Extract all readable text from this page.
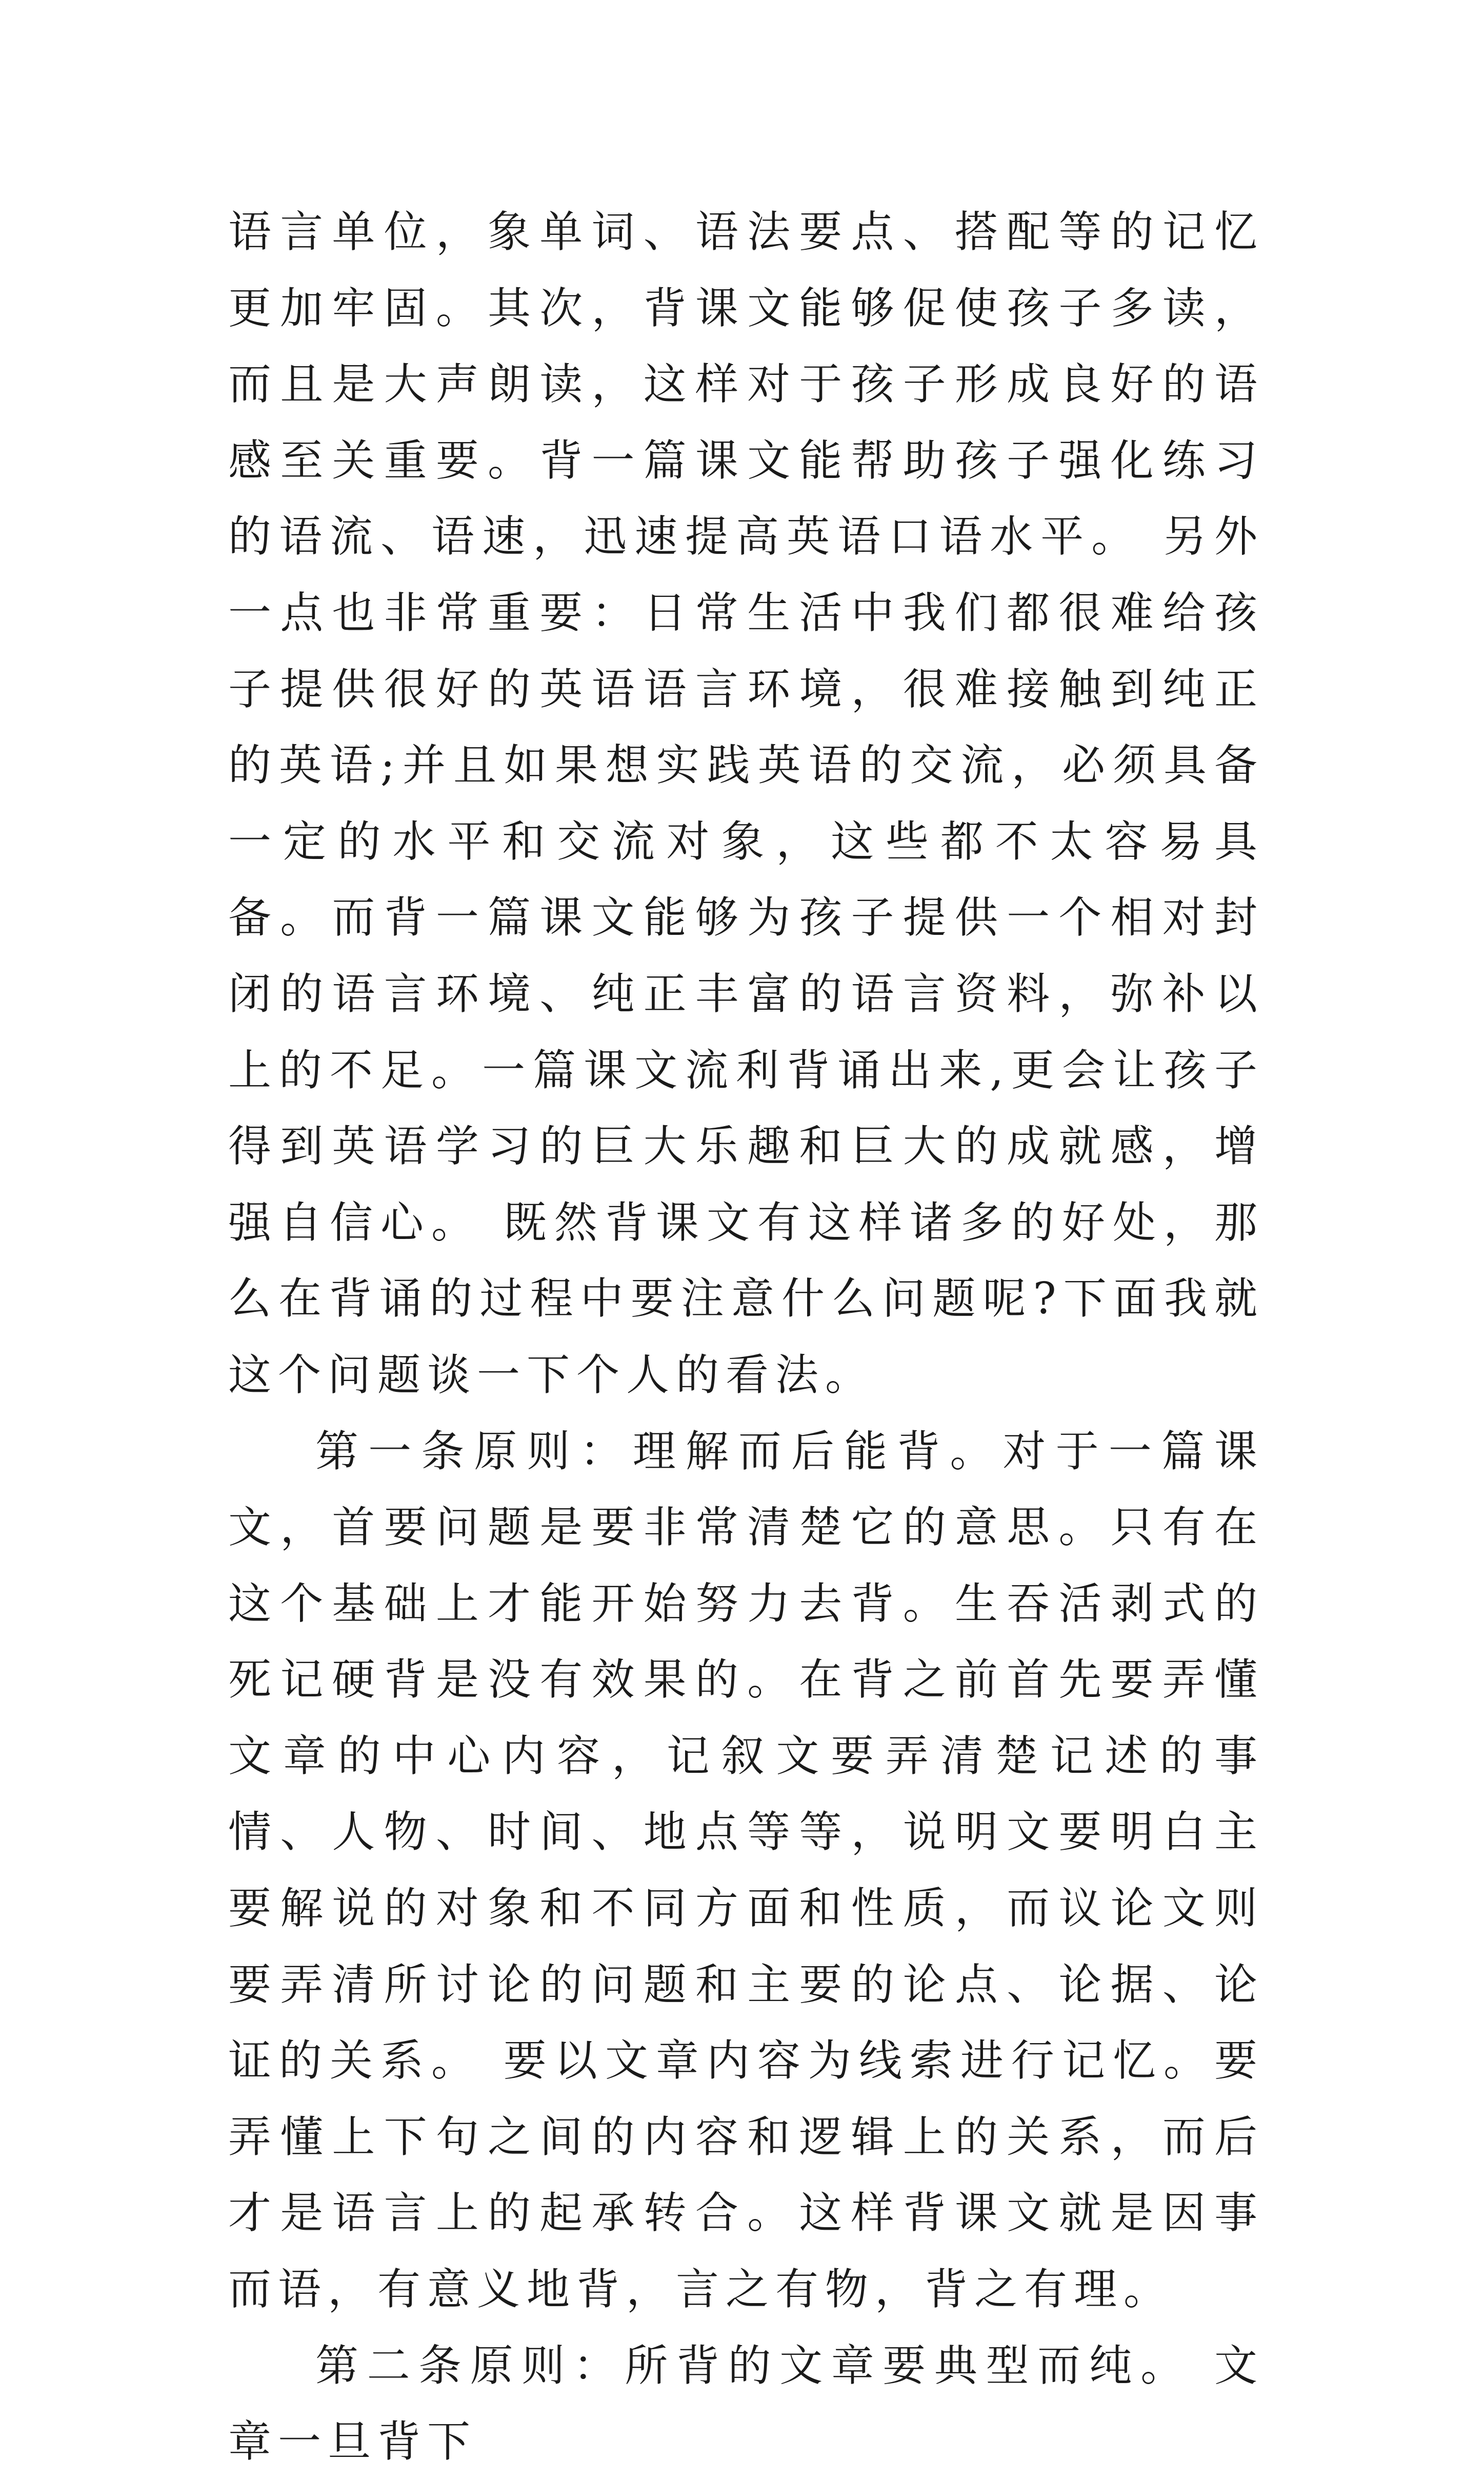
语言单位，象单词、语法要点、搭配等的记忆更加牢固。其次，背课文能够促使孩子多读，而且是大声朗读，这样对于孩子形成良好的语感至关重要。背一篇课文能帮助孩子强化练习的语流、语速，迅速提高英语口语水平。 另外一点也非常重要：日常生活中我们都很难给孩子提供很好的英语语言环境，很难接触到纯正的英语;并且如果想实践英语的交流，必须具备一定的水平和交流对象，这些都不太容易具备。而背一篇课文能够为孩子提供一个相对封闭的语言环境、纯正丰富的语言资料，弥补以上的不足。一篇课文流利背诵出来,更会让孩子得到英语学习的巨大乐趣和巨大的成就感，增强自信心。 既然背课文有这样诸多的好处，那么在背诵的过程中要注意什么问题呢?下面我就这个问题谈一下个人的看法。

第一条原则：理解而后能背。对于一篇课文，首要问题是要非常清楚它的意思。只有在这个基础上才能开始努力去背。生吞活剥式的死记硬背是没有效果的。在背之前首先要弄懂文章的中心内容，记叙文要弄清楚记述的事情、人物、时间、地点等等，说明文要明白主要解说的对象和不同方面和性质，而议论文则要弄清所讨论的问题和主要的论点、论据、论证的关系。 要以文章内容为线索进行记忆。要弄懂上下句之间的内容和逻辑上的关系，而后才是语言上的起承转合。这样背课文就是因事而语，有意义地背，言之有物，背之有理。

第二条原则：所背的文章要典型而纯。 文章一旦背下
